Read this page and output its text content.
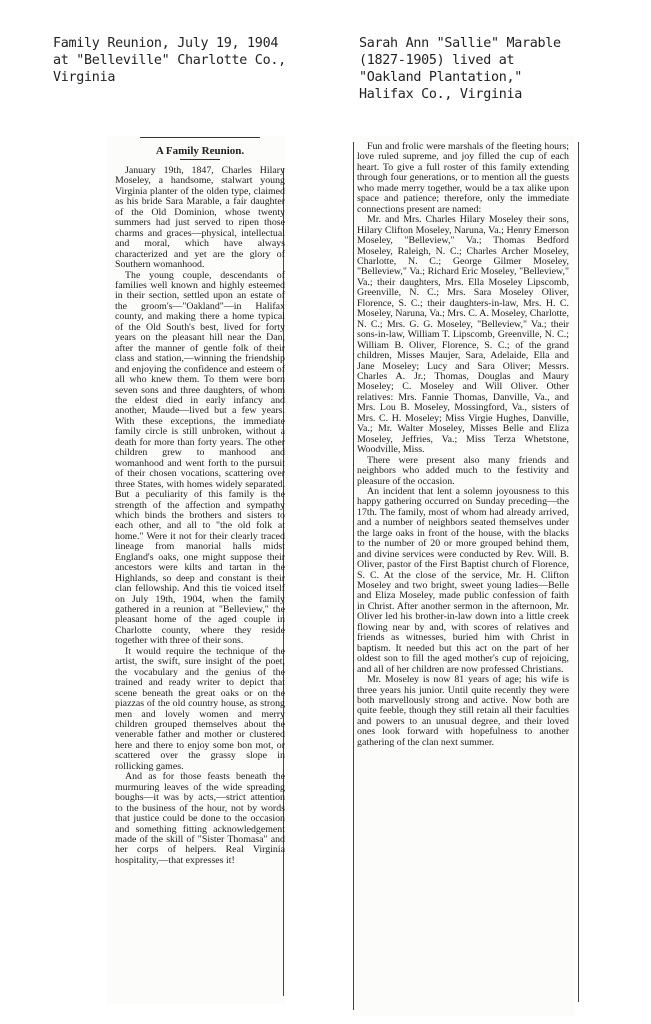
Family Reunion, July 19, 1904
at "Belleville" Charlotte Co.,
Virginia
Sarah Ann "Sallie" Marable
(1827-1905) lived at
"Oakland Plantation,"
Halifax Co., Virginia
A Family Reunion.

January 19th, 1847, Charles Hilary Moseley, a handsome, stalwart young Virginia planter of the olden type, claimed as his bride Sara Marable, a fair daughter of the Old Dominion, whose twenty summers had just served to ripen those charms and graces—physical, intellectual and moral, which have always characterized and yet are the glory of Southern womanhood.

The young couple, descendants of families well known and highly esteemed in their section, settled upon an estate of the groom's—"Oakland"—in Halifax county, and making there a home typical of the Old South's best, lived for forty years on the pleasant hill near the Dan, after the manner of gentle folk of their class and station,—winning the friendship and enjoying the confidence and esteem of all who knew them. To them were born seven sons and three daughters, of whom the eldest died in early infancy and another, Maude—lived but a few years. With these exceptions, the immediate family circle is still unbroken, without a death for more than forty years. The other children grew to manhood and womanhood and went forth to the pursuit of their chosen vocations, scattering over three States, with homes widely separated. But a peculiarity of this family is the strength of the affection and sympathy which binds the brothers and sisters to each other, and all to "the old folk at home." Were it not for their clearly traced lineage from manorial halls midst England's oaks, one might suppose their ancestors were kilts and tartan in the Highlands, so deep and constant is their clan fellowship. And this tie voiced itself on July 19th, 1904, when the family gathered in a reunion at "Belleview," the pleasant home of the aged couple in Charlotte county, where they reside together with three of their sons.

It would require the technique of the artist, the swift, sure insight of the poet, the vocabulary and the genius of the trained and ready writer to depict that scene beneath the great oaks or on the piazzas of the old country house, as strong men and lovely women and merry children grouped themselves about the venerable father and mother or clustered here and there to enjoy some bon mot, or scattered over the grassy slope in rollicking games.

And as for those feasts beneath the murmuring leaves of the wide spreading boughs—it was by acts,—strict attention to the business of the hour, not by words that justice could be done to the occasion and something fitting acknowledgement made of the skill of "Sister Thomasa" and her corps of helpers. Real Virginia hospitality,—that expresses it!

Fun and frolic were marshals of the fleeting hours; love ruled supreme, and joy filled the cup of each heart. To give a full roster of this family extending through four generations, or to mention all the guests who made merry together, would be a tax alike upon space and patience; therefore, only the immediate connections present are named:

Mr. and Mrs. Charles Hilary Moseley their sons, Hilary Clifton Moseley, Naruna, Va.; Henry Emerson Moseley, "Belleview," Va.; Thomas Bedford Moseley, Raleigh, N. C.; Charles Archer Moseley, Charlotte, N. C.; George Gilmer Moseley, "Belleview," Va.; Richard Eric Moseley, "Belleview," Va.; their daughters, Mrs. Ella Moseley Lipscomb, Greenville, N. C.; Mrs. Sara Moseley Oliver, Florence, S. C.; their daughters-in-law, Mrs. H. C. Moseley, Naruna, Va.; Mrs. C. A. Moseley, Charlotte, N. C.; Mrs. G. G. Moseley, "Belleview," Va.; their sons-in-law, William T. Lipscomb, Greenville, N. C.; William B. Oliver, Florence, S. C.; of the grand children, Misses Maujer, Sara, Adelaide, Ella and Jane Moseley; Lucy and Sara Oliver; Messrs. Charles A. Jr.; Thomas, Douglas and Maury Moseley; C. Moseley and Will Oliver. Other relatives: Mrs. Fannie Thomas, Danville, Va., and Mrs. Lou B. Moseley, Mossingford, Va., sisters of Mrs. C. H. Moseley; Miss Virgie Hughes, Danville, Va.; Mr. Walter Moseley, Misses Belle and Eliza Moseley, Jeffries, Va.; Miss Terza Whetstone, Woodville, Miss.

There were present also many friends and neighbors who added much to the festivity and pleasure of the occasion.

An incident that lent a solemn joyousness to this happy gathering occurred on Sunday preceding—the 17th. The family, most of whom had already arrived, and a number of neighbors seated themselves under the large oaks in front of the house, with the blacks to the number of 20 or more grouped behind them, and divine services were conducted by Rev. Will. B. Oliver, pastor of the First Baptist church of Florence, S. C. At the close of the service, Mr. H. Clifton Moseley and two bright, sweet young ladies—Belle and Eliza Moseley, made public confession of faith in Christ. After another sermon in the afternoon, Mr. Oliver led his brother-in-law down into a little creek flowing near by and, with scores of relatives and friends as witnesses, buried him with Christ in baptism. It needed but this act on the part of her oldest son to fill the aged mother's cup of rejoicing, and all of her children are now professed Christians.

Mr. Moseley is now 81 years of age; his wife is three years his junior. Until quite recently they were both marvellously strong and active. Now both are quite feeble, though they still retain all their faculties and powers to an unusual degree, and their loved ones look forward with hopefulness to another gathering of the clan next summer.
